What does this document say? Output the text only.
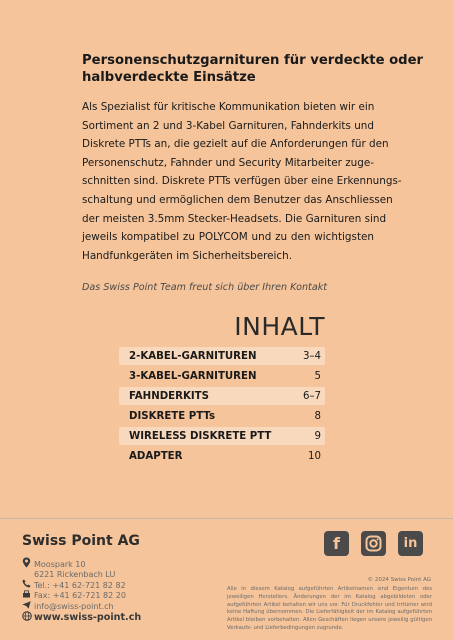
Personenschutzgarnituren für verdeckte oder
halbverdeckte Einsätze
Als Spezialist für kritische Kommunikation bieten wir ein
Sortiment an 2 und 3-Kabel Garnituren, Fahnderkits und
Diskrete PTTs an, die gezielt auf die Anforderungen für den
Personenschutz, Fahnder und Security Mitarbeiter zuge-
schnitten sind. Diskrete PTTs verfügen über eine Erkennungs-
schaltung und ermöglichen dem Benutzer das Anschliessen
der meisten 3.5mm Stecker-Headsets. Die Garnituren sind
jeweils kompatibel zu POLYCOM und zu den wichtigsten
Handfunkgeräten im Sicherheitsbereich.
Das Swiss Point Team freut sich über Ihren Kontakt
INHALT
2-KABEL-GARNITUREN	3–4
3-KABEL-GARNITUREN	5
FAHNDERKITS	6–7
DISKRETE PTTs	8
WIRELESS DISKRETE PTT	9
ADAPTER	10
Swiss Point AG
Moospark 10
6221 Rickenbach LU
Tel.: +41 62-721 82 82
Fax: +41 62-721 82 20
info@swiss-point.ch
www.swiss-point.ch
f	in
© 2024 Swiss Point AG
Alle in diesem Katalog aufgeführten Artikelnamen sind Eigentum des jeweiligen Herstellers. Änderungen der im Katalog abgebildeten oder aufgeführten Artikel behalten wir uns vor. Für Druckfehler und Irrtümer wird keine Haftung übernommen. Die Lieferfähigkeit der im Katalog aufgeführten Artikel bleiben vorbehalten. Allen Geschäften liegen unsere jeweilig gültigen Verkaufs- und Lieferbedingungen zugrunde.
